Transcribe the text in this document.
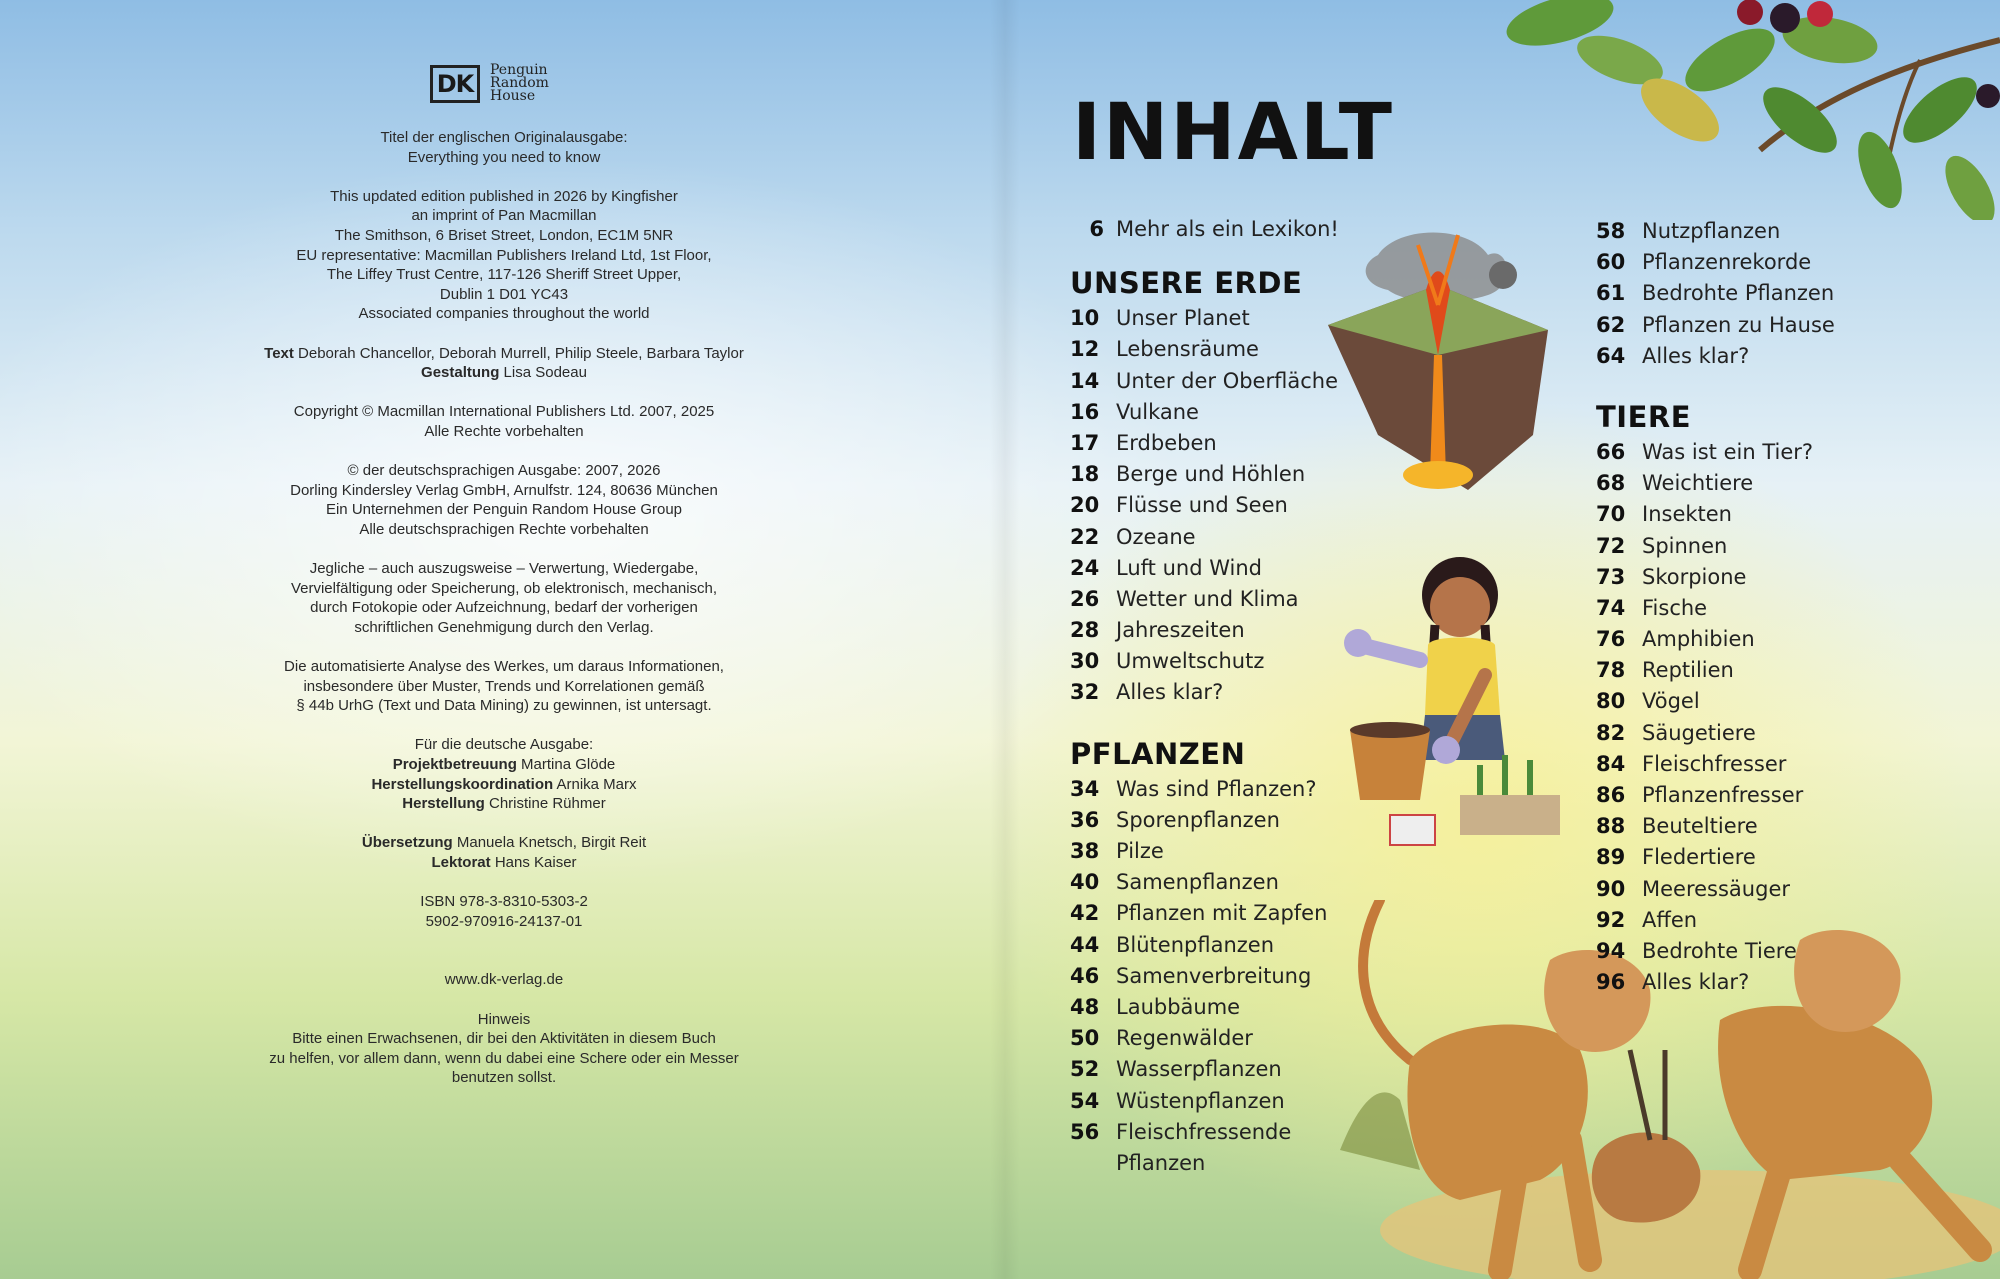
DK	Penguin
Random
House

Titel der englischen Originalausgabe:
Everything you need to know

This updated edition published in 2026 by Kingfisher
an imprint of Pan Macmillan
The Smithson, 6 Briset Street, London, EC1M 5NR
EU representative: Macmillan Publishers Ireland Ltd, 1st Floor,
The Liffey Trust Centre, 117-126 Sheriff Street Upper,
Dublin 1 D01 YC43
Associated companies throughout the world

Text Deborah Chancellor, Deborah Murrell, Philip Steele, Barbara Taylor
Gestaltung Lisa Sodeau

Copyright © Macmillan International Publishers Ltd. 2007, 2025
Alle Rechte vorbehalten

© der deutschsprachigen Ausgabe: 2007, 2026
Dorling Kindersley Verlag GmbH, Arnulfstr. 124, 80636 München
Ein Unternehmen der Penguin Random House Group
Alle deutschsprachigen Rechte vorbehalten

Jegliche – auch auszugsweise – Verwertung, Wiedergabe,
Vervielfältigung oder Speicherung, ob elektronisch, mechanisch,
durch Fotokopie oder Aufzeichnung, bedarf der vorherigen
schriftlichen Genehmigung durch den Verlag.

Die automatisierte Analyse des Werkes, um daraus Informationen,
insbesondere über Muster, Trends und Korrelationen gemäß
§ 44b UrhG (Text und Data Mining) zu gewinnen, ist untersagt.

Für die deutsche Ausgabe:
Projektbetreuung Martina Glöde
Herstellungskoordination Arnika Marx
Herstellung Christine Rühmer

Übersetzung Manuela Knetsch, Birgit Reit
Lektorat Hans Kaiser

ISBN 978-3-8310-5303-2
5902-970916-24137-01

www.dk-verlag.de

Hinweis
Bitte einen Erwachsenen, dir bei den Aktivitäten in diesem Buch
zu helfen, vor allem dann, wenn du dabei eine Schere oder ein Messer
benutzen sollst.

INHALT
6 Mehr als ein Lexikon!
UNSERE ERDE
10 Unser Planet
12 Lebensräume
14 Unter der Oberfläche
16 Vulkane
17 Erdbeben
18 Berge und Höhlen
20 Flüsse und Seen
22 Ozeane
24 Luft und Wind
26 Wetter und Klima
28 Jahreszeiten
30 Umweltschutz
32 Alles klar?
PFLANZEN
34 Was sind Pflanzen?
36 Sporenpflanzen
38 Pilze
40 Samenpflanzen
42 Pflanzen mit Zapfen
44 Blütenpflanzen
46 Samenverbreitung
48 Laubbäume
50 Regenwälder
52 Wasserpflanzen
54 Wüstenpflanzen
56 Fleischfressende
Pflanzen
58 Nutzpflanzen
60 Pflanzenrekorde
61 Bedrohte Pflanzen
62 Pflanzen zu Hause
64 Alles klar?
TIERE
66 Was ist ein Tier?
68 Weichtiere
70 Insekten
72 Spinnen
73 Skorpione
74 Fische
76 Amphibien
78 Reptilien
80 Vögel
82 Säugetiere
84 Fleischfresser
86 Pflanzenfresser
88 Beuteltiere
89 Fledertiere
90 Meeressäuger
92 Affen
94 Bedrohte Tiere
96 Alles klar?
